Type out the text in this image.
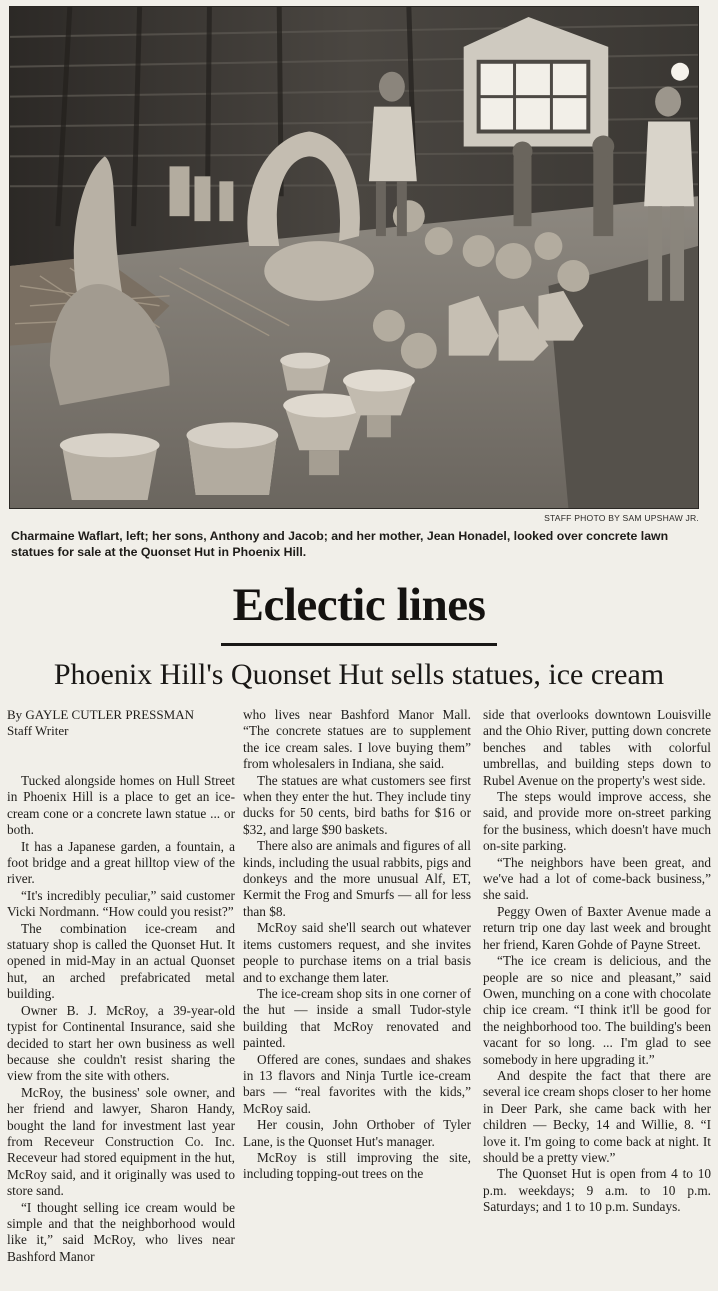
STAFF PHOTO BY SAM UPSHAW JR.
Charmaine Waflart, left; her sons, Anthony and Jacob; and her mother, Jean Honadel, looked over concrete lawn statues for sale at the Quonset Hut in Phoenix Hill.
Eclectic lines
Phoenix Hill's Quonset Hut sells statues, ice cream
By GAYLE CUTLER PRESSMAN
Staff Writer

Tucked alongside homes on Hull Street in Phoenix Hill is a place to get an ice-cream cone or a concrete lawn statue ... or both.

It has a Japanese garden, a fountain, a foot bridge and a great hilltop view of the river.

“It's incredibly peculiar,” said customer Vicki Nordmann. “How could you resist?”

The combination ice-cream and statuary shop is called the Quonset Hut. It opened in mid-May in an actual Quonset hut, an arched prefabricated metal building.

Owner B. J. McRoy, a 39-year-old typist for Continental Insurance, said she decided to start her own business as well because she couldn't resist sharing the view from the site with others.

McRoy, the business' sole owner, and her friend and lawyer, Sharon Handy, bought the land for investment last year from Receveur Construction Co. Inc. Receveur had stored equipment in the hut, McRoy said, and it originally was used to store sand.

“I thought selling ice cream would be simple and that the neighborhood would like it,” said McRoy, who lives near Bashford Manor

who lives near Bashford Manor Mall. “The concrete statues are to supplement the ice cream sales. I love buying them” from wholesalers in Indiana, she said.

The statues are what customers see first when they enter the hut. They include tiny ducks for 50 cents, bird baths for $16 or $32, and large $90 baskets.

There also are animals and figures of all kinds, including the usual rabbits, pigs and donkeys and the more unusual Alf, ET, Kermit the Frog and Smurfs — all for less than $8.

McRoy said she'll search out whatever items customers request, and she invites people to purchase items on a trial basis and to exchange them later.

The ice-cream shop sits in one corner of the hut — inside a small Tudor-style building that McRoy renovated and painted.

Offered are cones, sundaes and shakes in 13 flavors and Ninja Turtle ice-cream bars — “real favorites with the kids,” McRoy said.

Her cousin, John Orthober of Tyler Lane, is the Quonset Hut's manager.

McRoy is still improving the site, including topping-out trees on the

side that overlooks downtown Louisville and the Ohio River, putting down concrete benches and tables with colorful umbrellas, and building steps down to Rubel Avenue on the property's west side.

The steps would improve access, she said, and provide more on-street parking for the business, which doesn't have much on-site parking.

“The neighbors have been great, and we've had a lot of come-back business,” she said.

Peggy Owen of Baxter Avenue made a return trip one day last week and brought her friend, Karen Gohde of Payne Street.

“The ice cream is delicious, and the people are so nice and pleasant,” said Owen, munching on a cone with chocolate chip ice cream. “I think it'll be good for the neighborhood too. The building's been vacant for so long. ... I'm glad to see somebody in here upgrading it.”

And despite the fact that there are several ice cream shops closer to her home in Deer Park, she came back with her children — Becky, 14 and Willie, 8. “I love it. I'm going to come back at night. It should be a pretty view.”

The Quonset Hut is open from 4 to 10 p.m. weekdays; 9 a.m. to 10 p.m. Saturdays; and 1 to 10 p.m. Sundays.
